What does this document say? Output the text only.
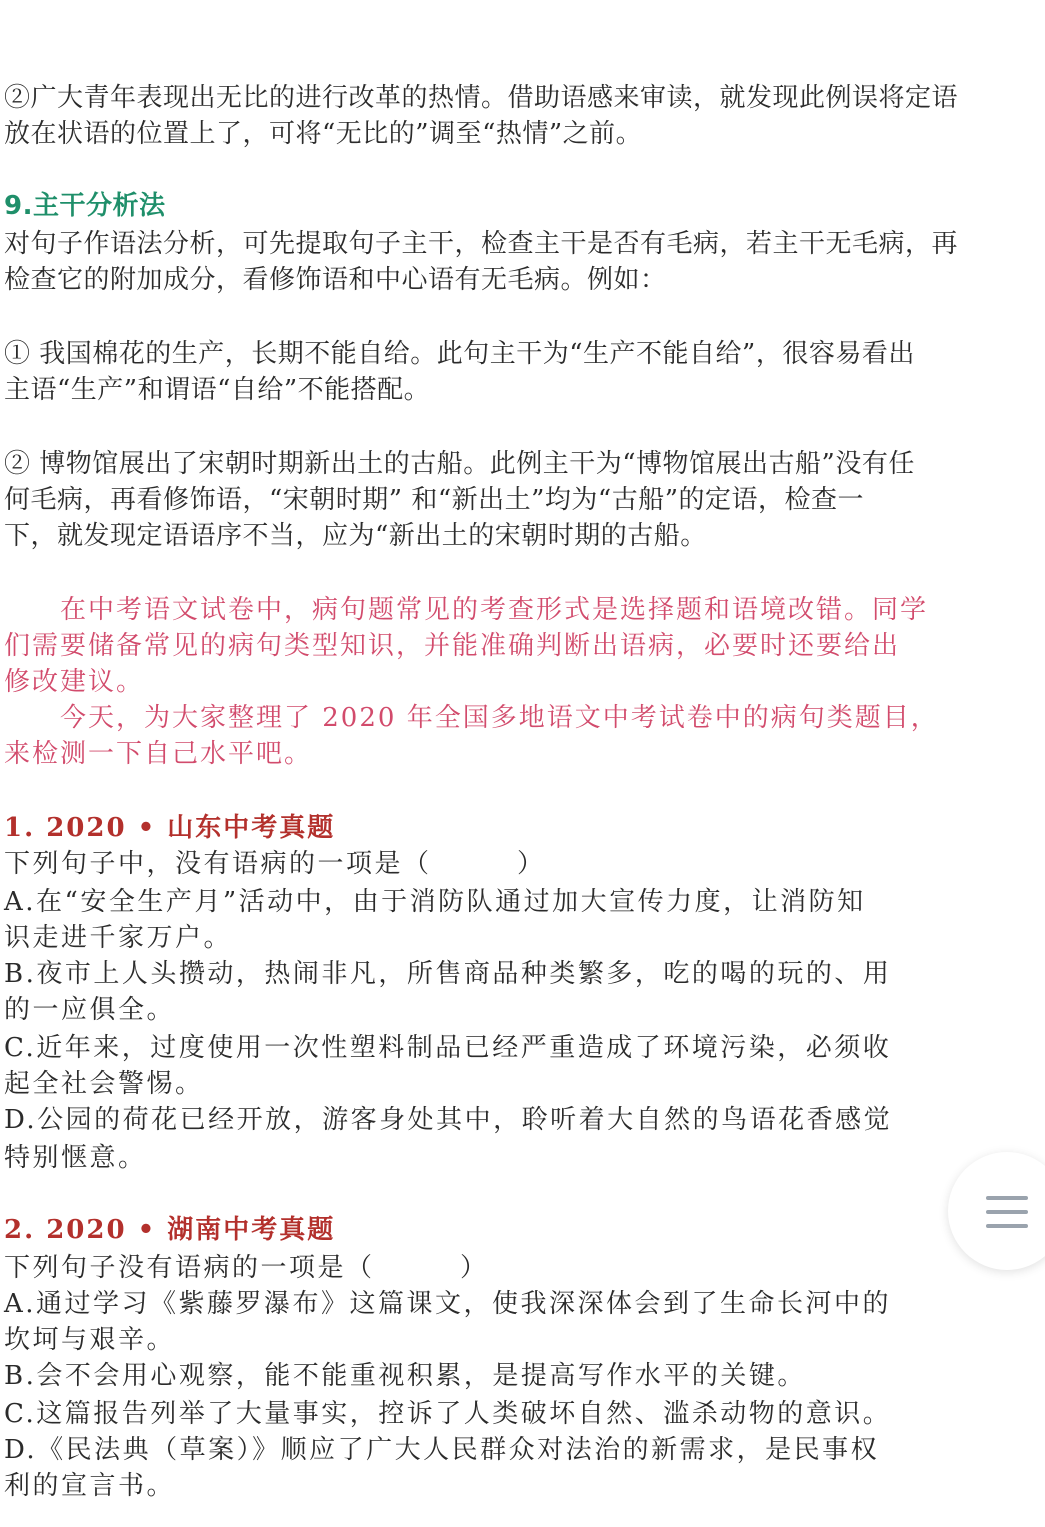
②广大青年表现出无比的进行改革的热情。借助语感来审读，就发现此例误将定语
放在状语的位置上了，可将“无比的”调至“热情”之前。
9.主干分析法
对句子作语法分析，可先提取句子主干，检查主干是否有毛病，若主干无毛病，再
检查它的附加成分，看修饰语和中心语有无毛病。例如：
① 我国棉花的生产，长期不能自给。此句主干为“生产不能自给”，很容易看出
主语“生产”和谓语“自给”不能搭配。
② 博物馆展出了宋朝时期新出土的古船。此例主干为“博物馆展出古船”没有任
何毛病，再看修饰语，“宋朝时期” 和“新出土”均为“古船”的定语，检查一
下，就发现定语语序不当，应为“新出土的宋朝时期的古船。
　　在中考语文试卷中，病句题常见的考查形式是选择题和语境改错。同学
们需要储备常见的病句类型知识，并能准确判断出语病，必要时还要给出
修改建议。
　　今天，为大家整理了 2020 年全国多地语文中考试卷中的病句类题目，
来检测一下自己水平吧。
1. 2020 • 山东中考真题
下列句子中，没有语病的一项是（　　　）
A.在“安全生产月”活动中，由于消防队通过加大宣传力度，让消防知
识走进千家万户。
B.夜市上人头攒动，热闹非凡，所售商品种类繁多，吃的喝的玩的、用
的一应俱全。
C.近年来，过度使用一次性塑料制品已经严重造成了环境污染，必须收
起全社会警惕。
D.公园的荷花已经开放，游客身处其中，聆听着大自然的鸟语花香感觉
特别惬意。
2. 2020 • 湖南中考真题
下列句子没有语病的一项是（　　　）
A.通过学习《紫藤罗瀑布》这篇课文，使我深深体会到了生命长河中的
坎坷与艰辛。
B.会不会用心观察，能不能重视积累，是提高写作水平的关键。
C.这篇报告列举了大量事实，控诉了人类破坏自然、滥杀动物的意识。
D.《民法典（草案）》顺应了广大人民群众对法治的新需求，是民事权
利的宣言书。
